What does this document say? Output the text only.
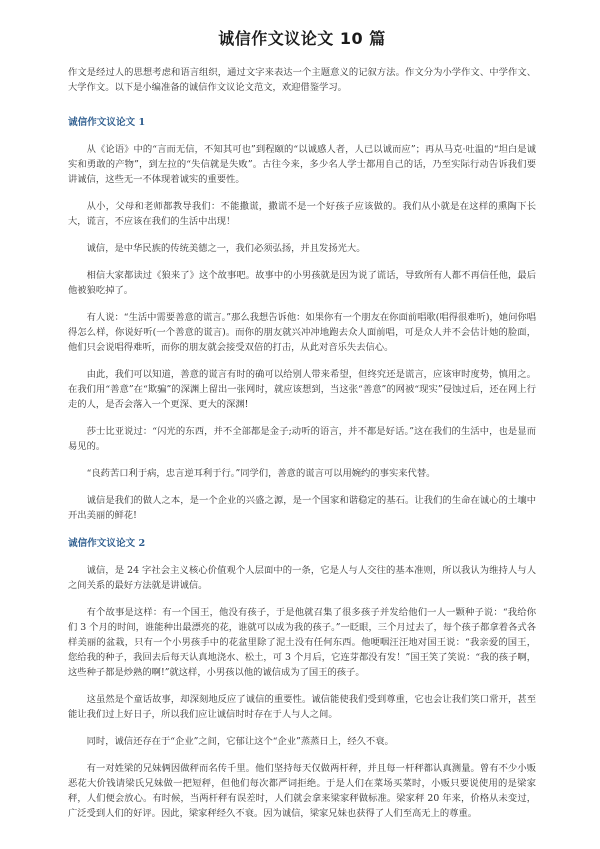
诚信作文议论文 10 篇
作文是经过人的思想考虑和语言组织，通过文字来表达一个主题意义的记叙方法。作文分为小学作文、中学作文、大学作文。以下是小编准备的诚信作文议论文范文，欢迎借鉴学习。
诚信作文议论文 1
从《论语》中的“言而无信，不知其可也”到程颐的“以诚感人者，人已以诚而应”；再从马克·吐温的“坦白是诚实和勇敢的产物”，到左拉的“失信就是失败”。古往今来，多少名人学士都用自己的话，乃至实际行动告诉我们要讲诚信，这些无一不体现着诚实的重要性。
从小，父母和老师都教导我们：不能撒谎，撒谎不是一个好孩子应该做的。我们从小就是在这样的熏陶下长大，谎言，不应该在我们的生活中出现！
诚信，是中华民族的传统美德之一，我们必须弘扬，并且发扬光大。
相信大家都读过《狼来了》这个故事吧。故事中的小男孩就是因为说了谎话，导致所有人都不再信任他，最后他被狼吃掉了。
有人说：“生活中需要善意的谎言。”那么我想告诉他：如果你有一个朋友在你面前唱歌(唱得很难听)，她问你唱得怎么样，你说好听(一个善意的谎言)。而你的朋友就兴冲冲地跑去众人面前唱，可是众人并不会估计她的脸面，他们只会说唱得难听，而你的朋友就会接受双倍的打击，从此对音乐失去信心。
由此，我们可以知道，善意的谎言有时的确可以给别人带来希望，但终究还是谎言，应该审时度势，慎用之。在我们用“善意”在“欺骗”的深渊上留出一张网时，就应该想到，当这张“善意”的网被“现实”侵蚀过后，还在网上行走的人，是否会落入一个更深、更大的深渊!
莎士比亚说过：“闪光的东西，并不全部都是金子;动听的语言，并不都是好话。”这在我们的生活中，也是显而易见的。
“良药苦口利于病，忠言逆耳利于行。”同学们，善意的谎言可以用婉约的事实来代替。
诚信是我们的做人之本，是一个企业的兴盛之源，是一个国家和谐稳定的基石。让我们的生命在诚心的土壤中开出美丽的鲜花!
诚信作文议论文 2
诚信，是 24 字社会主义核心价值观个人层面中的一条，它是人与人交往的基本准则，所以我认为维持人与人之间关系的最好方法就是讲诚信。
有个故事是这样：有一个国王，他没有孩子，于是他就召集了很多孩子并发给他们一人一颗种子说：“我给你们 3 个月的时间，谁能种出最漂亮的花，谁就可以成为我的孩子。”一眨眼，三个月过去了，每个孩子都拿着各式各样美丽的盆栽，只有一个小男孩手中的花盆里除了泥土没有任何东西。他哽咽汪汪地对国王说：“我亲爱的国王，您给我的种子，我回去后每天认真地浇水、松土，可 3 个月后，它连芽都没有发！”国王笑了笑说：“我的孩子啊，这些种子都是炒熟的啊!”就这样，小男孩以他的诚信成为了国王的孩子。
这虽然是个童话故事，却深刻地反应了诚信的重要性。诚信能使我们受到尊重，它也会让我们笑口常开，甚至能让我们过上好日子，所以我们应让诚信时时存在于人与人之间。
同时，诚信还存在于“企业”之间，它郁让这个“企业”蒸蒸日上，经久不衰。
有一对姓梁的兄妹俩因做秤而名传千里。他们坚持每天仅做两杆秤，并且每一杆秤都认真测量。曾有不少小贩恶花大价钱请梁氏兄妹做一把短秤，但他们每次都严词拒绝。于是人们在菜场买菜时，小贩只要说使用的是梁家秤，人们便会放心。有时候，当两杆秤有误差时，人们就会拿来梁家秤做标准。梁家秤 20 年来，价格从未变过，广泛受到人们的好评。因此，梁家秤经久不衰。因为诚信，梁家兄妹也获得了人们至高无上的尊重。
